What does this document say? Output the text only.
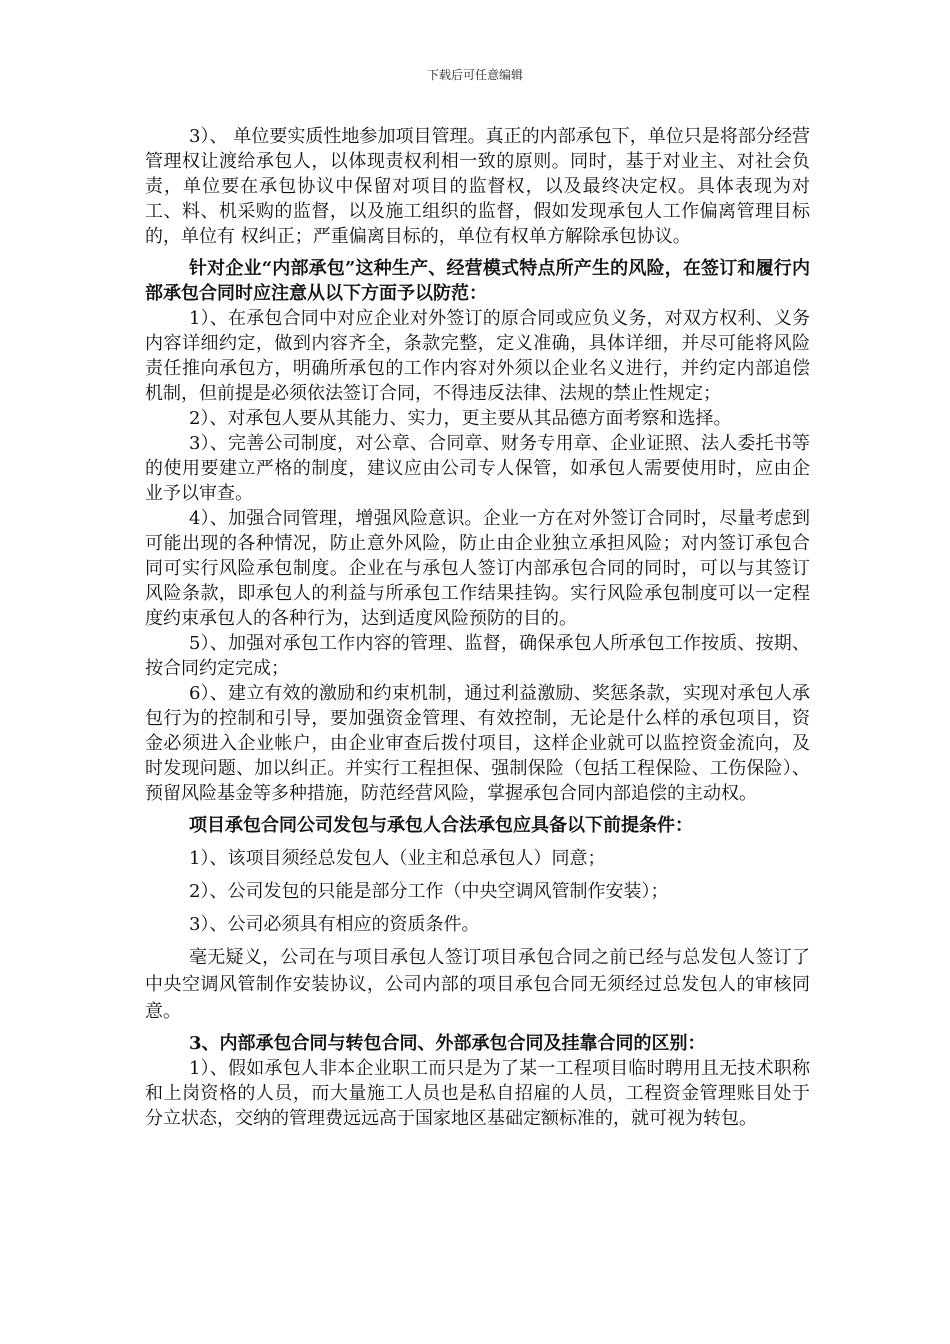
下载后可任意编辑

3）、 单位要实质性地参加项目管理。真正的内部承包下，单位只是将部分经营管理权让渡给承包人，以体现责权利相一致的原则。同时，基于对业主、对社会负责，单位要在承包协议中保留对项目的监督权，以及最终决定权。具体表现为对工、料、机采购的监督，以及施工组织的监督，假如发现承包人工作偏离管理目标的，单位有 权纠正；严重偏离目标的，单位有权单方解除承包协议。

针对企业“内部承包”这种生产、经营模式特点所产生的风险，在签订和履行内部承包合同时应注意从以下方面予以防范：

1）、在承包合同中对应企业对外签订的原合同或应负义务，对双方权利、义务内容详细约定，做到内容齐全，条款完整，定义准确，具体详细，并尽可能将风险责任推向承包方，明确所承包的工作内容对外须以企业名义进行，并约定内部追偿机制，但前提是必须依法签订合同，不得违反法律、法规的禁止性规定；

2）、对承包人要从其能力、实力，更主要从其品德方面考察和选择。

3）、完善公司制度，对公章、合同章、财务专用章、企业证照、法人委托书等的使用要建立严格的制度，建议应由公司专人保管，如承包人需要使用时，应由企业予以审查。

4）、加强合同管理，增强风险意识。企业一方在对外签订合同时，尽量考虑到可能出现的各种情况，防止意外风险，防止由企业独立承担风险；对内签订承包合同可实行风险承包制度。企业在与承包人签订内部承包合同的同时，可以与其签订风险条款，即承包人的利益与所承包工作结果挂钩。实行风险承包制度可以一定程度约束承包人的各种行为，达到适度风险预防的目的。

5）、加强对承包工作内容的管理、监督，确保承包人所承包工作按质、按期、按合同约定完成；

6）、建立有效的激励和约束机制，通过利益激励、奖惩条款，实现对承包人承包行为的控制和引导，要加强资金管理、有效控制，无论是什么样的承包项目，资金必须进入企业帐户，由企业审查后拨付项目，这样企业就可以监控资金流向，及时发现问题、加以纠正。并实行工程担保、强制保险（包括工程保险、工伤保险）、预留风险基金等多种措施，防范经营风险，掌握承包合同内部追偿的主动权。

项目承包合同公司发包与承包人合法承包应具备以下前提条件：

1）、该项目须经总发包人（业主和总承包人）同意；

2）、公司发包的只能是部分工作（中央空调风管制作安装）；

3）、公司必须具有相应的资质条件。

毫无疑义，公司在与项目承包人签订项目承包合同之前已经与总发包人签订了中央空调风管制作安装协议，公司内部的项目承包合同无须经过总发包人的审核同意。

3、内部承包合同与转包合同、外部承包合同及挂靠合同的区别：

1）、假如承包人非本企业职工而只是为了某一工程项目临时聘用且无技术职称和上岗资格的人员，而大量施工人员也是私自招雇的人员，工程资金管理账目处于分立状态，交纳的管理费远远高于国家地区基础定额标准的，就可视为转包。
